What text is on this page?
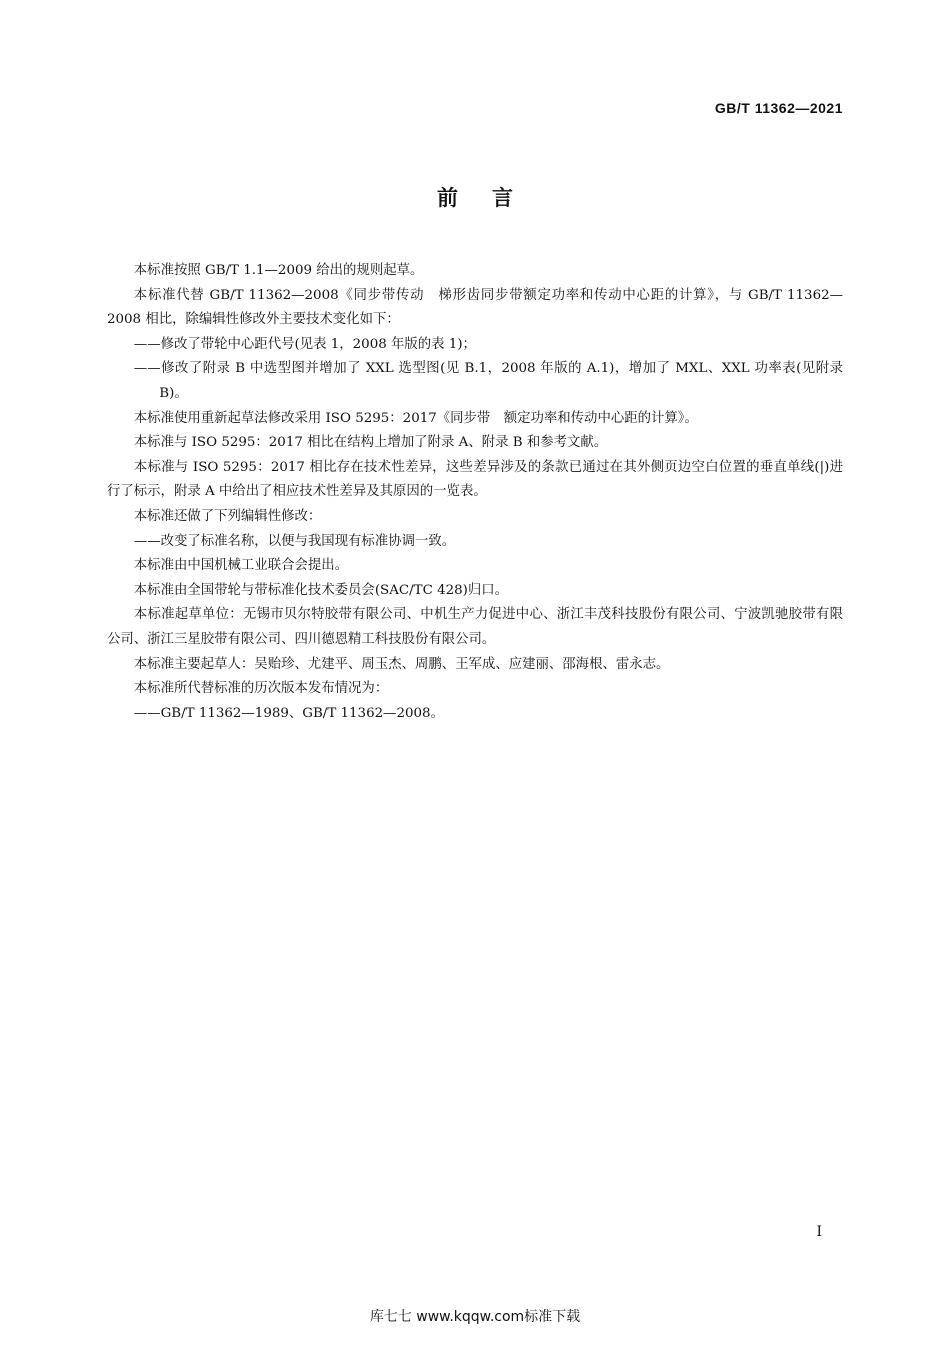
GB/T 11362—2021
前言

本标准按照 GB/T 1.1—2009 给出的规则起草。

本标准代替 GB/T 11362—2008《同步带传动　梯形齿同步带额定功率和传动中心距的计算》，与 GB/T 11362—2008 相比，除编辑性修改外主要技术变化如下：

——修改了带轮中心距代号(见表 1，2008 年版的表 1)；

——修改了附录 B 中选型图并增加了 XXL 选型图(见 B.1，2008 年版的 A.1)，增加了 MXL、XXL 功率表(见附录 B)。

本标准使用重新起草法修改采用 ISO 5295：2017《同步带　额定功率和传动中心距的计算》。

本标准与 ISO 5295：2017 相比在结构上增加了附录 A、附录 B 和参考文献。

本标准与 ISO 5295：2017 相比存在技术性差异，这些差异涉及的条款已通过在其外侧页边空白位置的垂直单线(|)进行了标示，附录 A 中给出了相应技术性差异及其原因的一览表。

本标准还做了下列编辑性修改：

——改变了标准名称，以便与我国现有标准协调一致。

本标准由中国机械工业联合会提出。

本标准由全国带轮与带标准化技术委员会(SAC/TC 428)归口。

本标准起草单位：无锡市贝尔特胶带有限公司、中机生产力促进中心、浙江丰茂科技股份有限公司、宁波凯驰胶带有限公司、浙江三星胶带有限公司、四川德恩精工科技股份有限公司。

本标准主要起草人：吴贻珍、尤建平、周玉杰、周鹏、王军成、应建丽、邵海根、雷永志。

本标准所代替标准的历次版本发布情况为：

——GB/T 11362—1989、GB/T 11362—2008。

Ⅰ
库七七 www.kqqw.com标准下载
